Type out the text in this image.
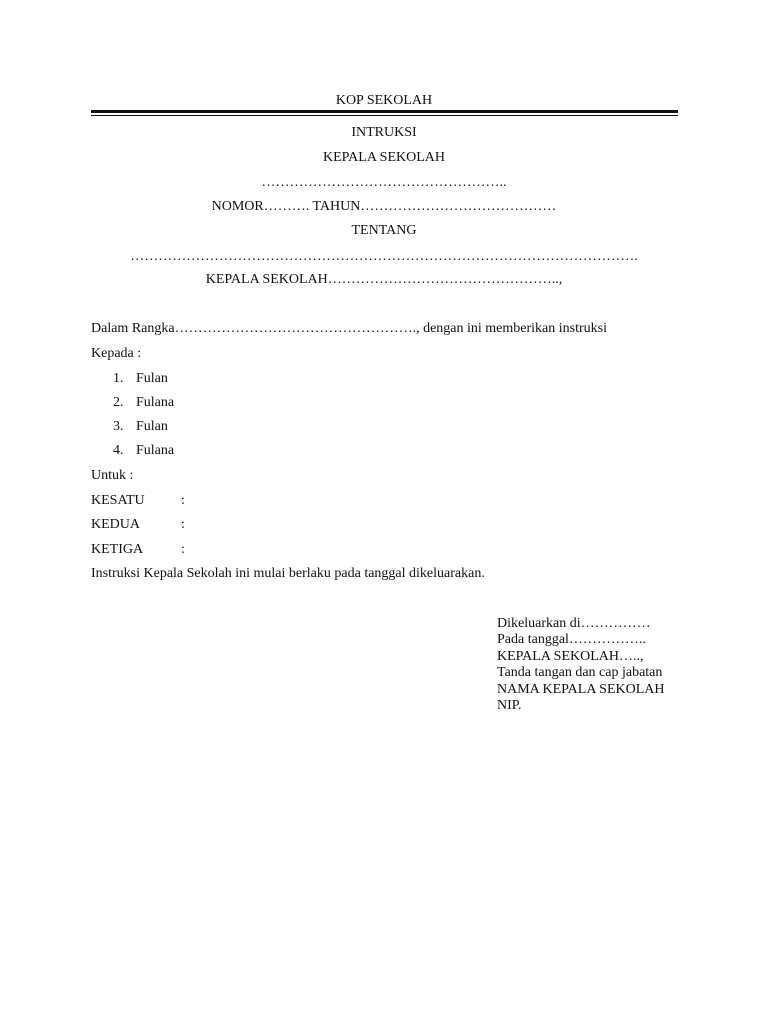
KOP SEKOLAH
INTRUKSI
KEPALA SEKOLAH
……………………………………………..
NOMOR………. TAHUN……………………………………
TENTANG
……………………………………………………………………………………………….
KEPALA SEKOLAH…………………………………………..,
Dalam Rangka……………………………………………., dengan ini memberikan instruksi
Kepada :
1. Fulan
2. Fulana
3. Fulan
4. Fulana
Untuk :
KESATU	:
KEDUA	:
KETIGA	:
Instruksi Kepala Sekolah ini mulai berlaku pada tanggal dikeluarakan.
Dikeluarkan di……………
Pada tanggal……………..
KEPALA SEKOLAH…..,
Tanda tangan dan cap jabatan
NAMA KEPALA SEKOLAH
NIP.
